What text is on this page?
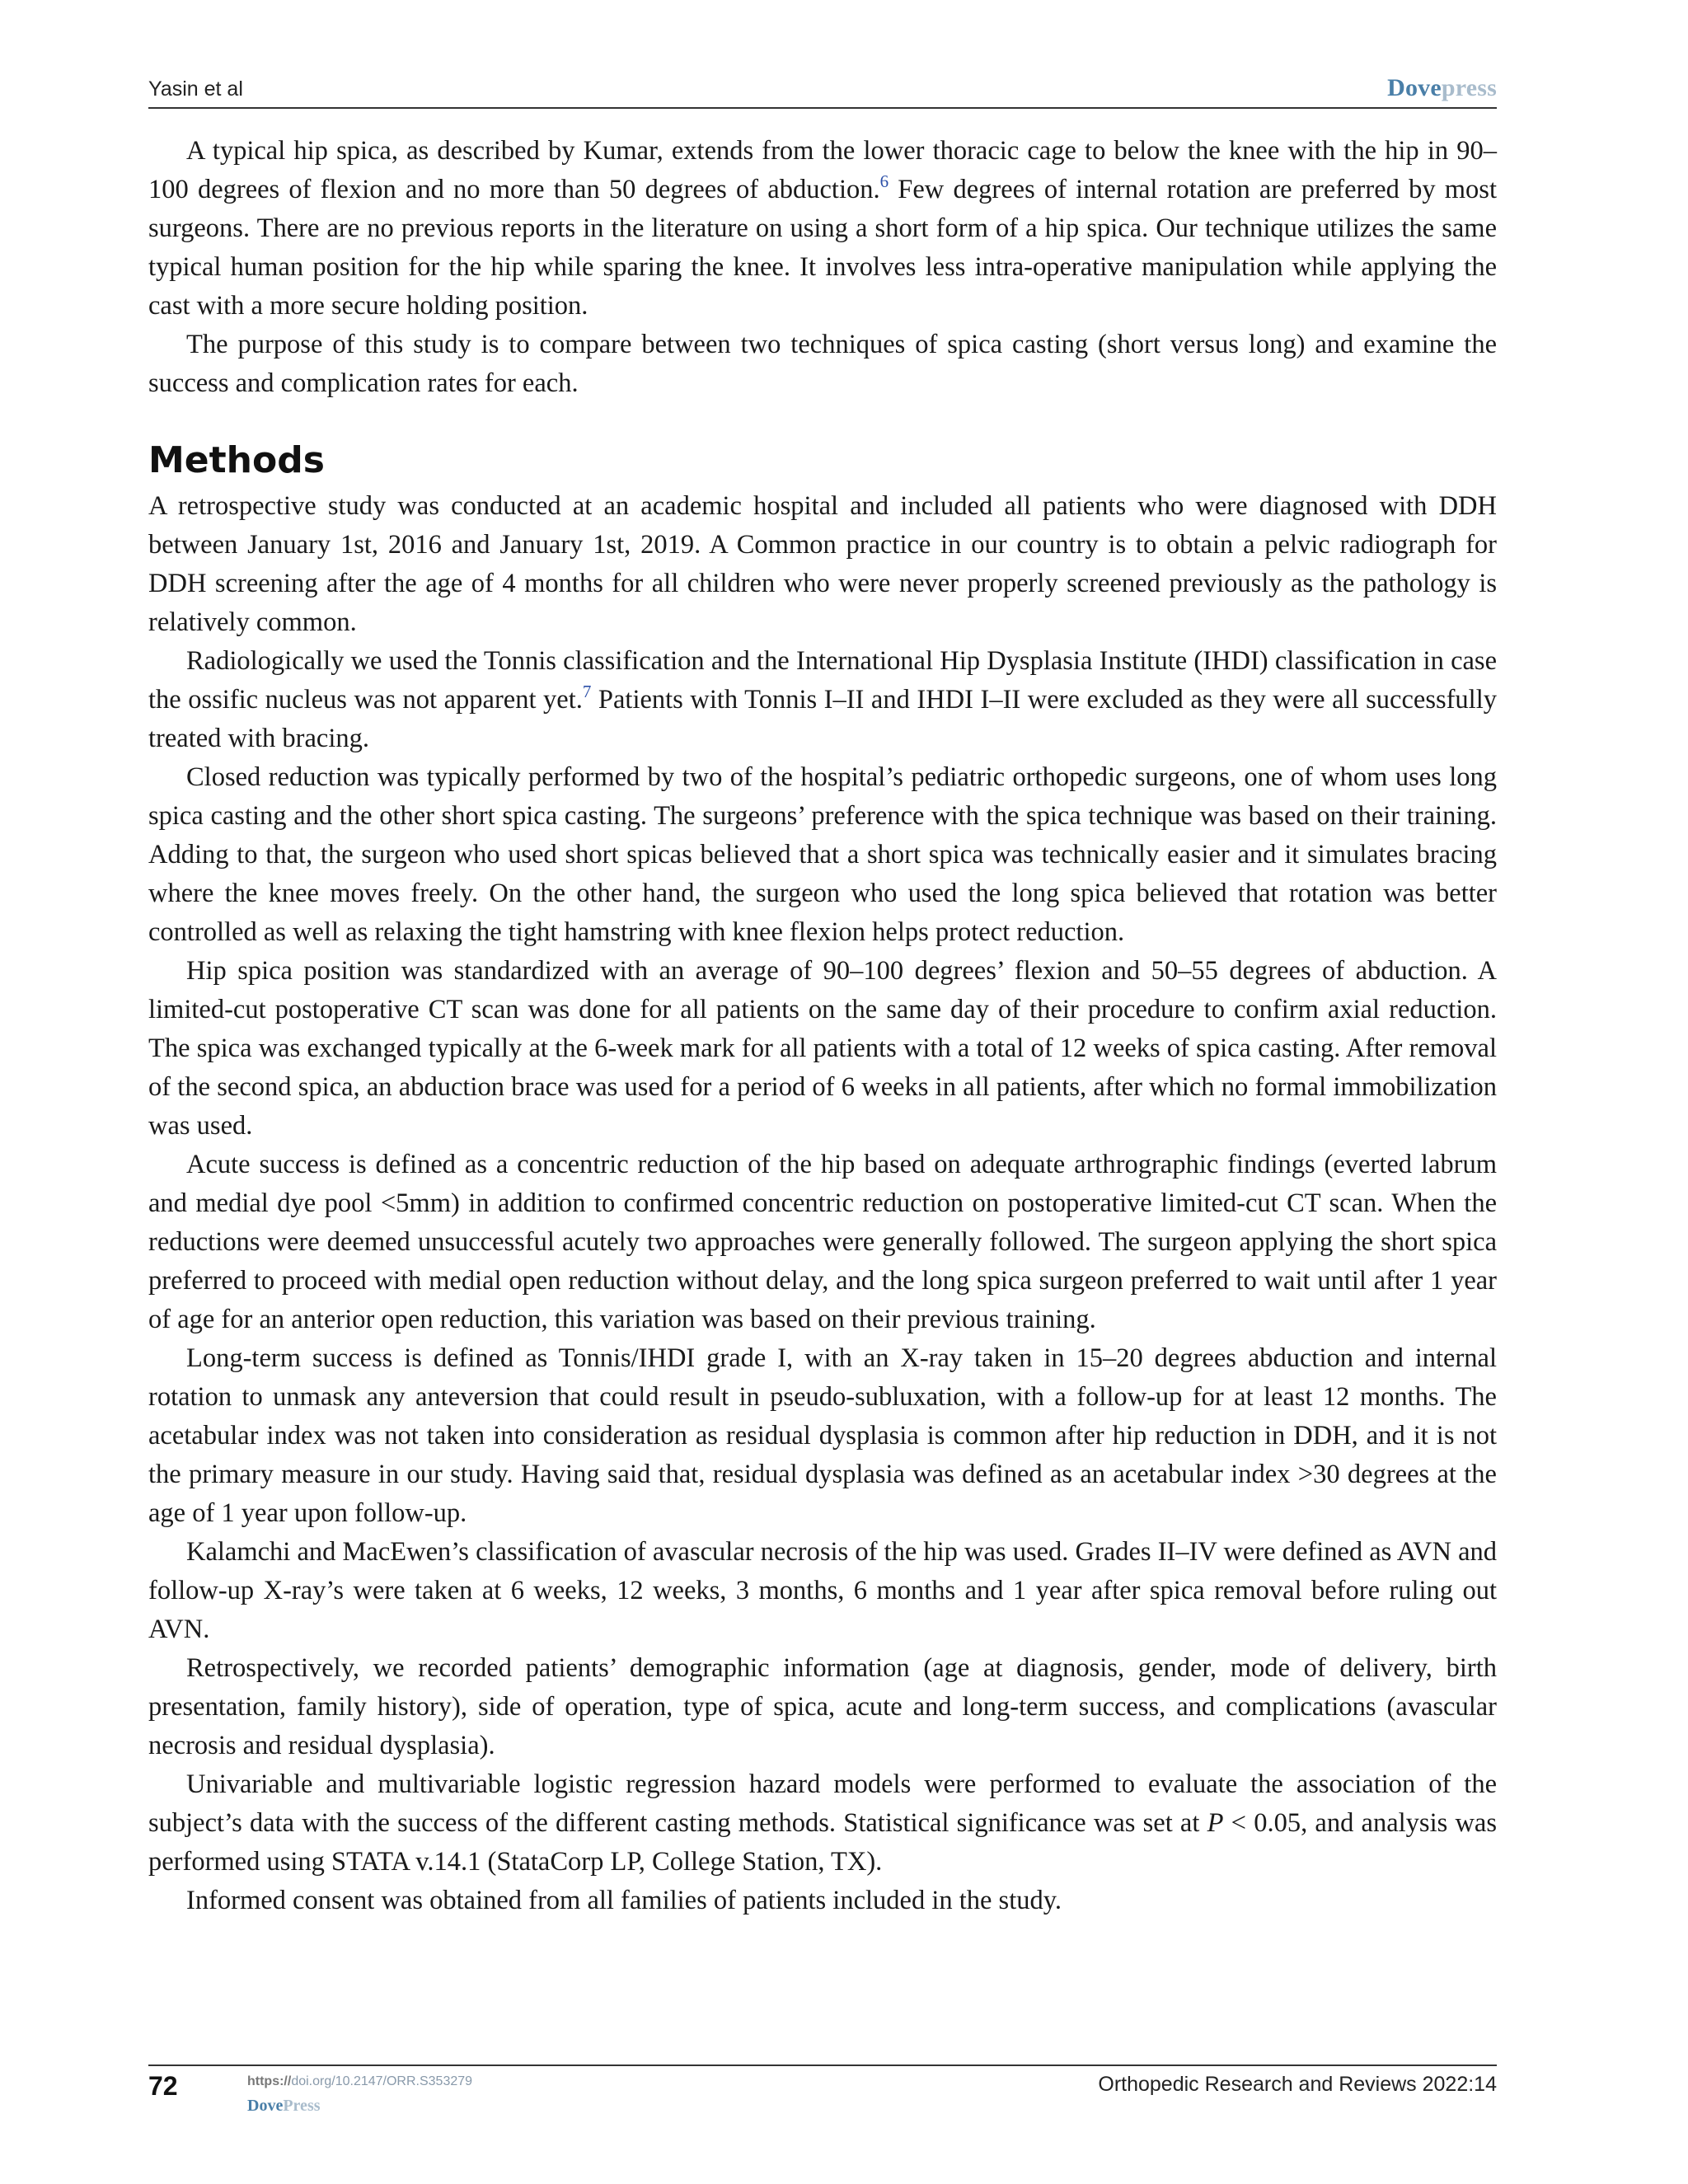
Yasin et al	Dovepress

A typical hip spica, as described by Kumar, extends from the lower thoracic cage to below the knee with the hip in 90–100 degrees of flexion and no more than 50 degrees of abduction.$^6$ Few degrees of internal rotation are preferred by most surgeons. There are no previous reports in the literature on using a short form of a hip spica. Our technique utilizes the same typical human position for the hip while sparing the knee. It involves less intra-operative manipulation while applying the cast with a more secure holding position.

The purpose of this study is to compare between two techniques of spica casting (short versus long) and examine the success and complication rates for each.

Methods

A retrospective study was conducted at an academic hospital and included all patients who were diagnosed with DDH between January 1st, 2016 and January 1st, 2019. A Common practice in our country is to obtain a pelvic radiograph for DDH screening after the age of 4 months for all children who were never properly screened previously as the pathology is relatively common.

Radiologically we used the Tonnis classification and the International Hip Dysplasia Institute (IHDI) classification in case the ossific nucleus was not apparent yet.$^7$ Patients with Tonnis I–II and IHDI I–II were excluded as they were all successfully treated with bracing.

Closed reduction was typically performed by two of the hospital’s pediatric orthopedic surgeons, one of whom uses long spica casting and the other short spica casting. The surgeons’ preference with the spica technique was based on their training. Adding to that, the surgeon who used short spicas believed that a short spica was technically easier and it simulates bracing where the knee moves freely. On the other hand, the surgeon who used the long spica believed that rotation was better controlled as well as relaxing the tight hamstring with knee flexion helps protect reduction.

Hip spica position was standardized with an average of 90–100 degrees’ flexion and 50–55 degrees of abduction. A limited-cut postoperative CT scan was done for all patients on the same day of their procedure to confirm axial reduction. The spica was exchanged typically at the 6-week mark for all patients with a total of 12 weeks of spica casting. After removal of the second spica, an abduction brace was used for a period of 6 weeks in all patients, after which no formal immobilization was used.

Acute success is defined as a concentric reduction of the hip based on adequate arthrographic findings (everted labrum and medial dye pool <5mm) in addition to confirmed concentric reduction on postoperative limited-cut CT scan. When the reductions were deemed unsuccessful acutely two approaches were generally followed. The surgeon applying the short spica preferred to proceed with medial open reduction without delay, and the long spica surgeon preferred to wait until after 1 year of age for an anterior open reduction, this variation was based on their previous training.

Long-term success is defined as Tonnis/IHDI grade I, with an X-ray taken in 15–20 degrees abduction and internal rotation to unmask any anteversion that could result in pseudo-subluxation, with a follow-up for at least 12 months. The acetabular index was not taken into consideration as residual dysplasia is common after hip reduction in DDH, and it is not the primary measure in our study. Having said that, residual dysplasia was defined as an acetabular index >30 degrees at the age of 1 year upon follow-up.

Kalamchi and MacEwen’s classification of avascular necrosis of the hip was used. Grades II–IV were defined as AVN and follow-up X-ray’s were taken at 6 weeks, 12 weeks, 3 months, 6 months and 1 year after spica removal before ruling out AVN.

Retrospectively, we recorded patients’ demographic information (age at diagnosis, gender, mode of delivery, birth presentation, family history), side of operation, type of spica, acute and long-term success, and complications (avascular necrosis and residual dysplasia).

Univariable and multivariable logistic regression hazard models were performed to evaluate the association of the subject’s data with the success of the different casting methods. Statistical significance was set at P < 0.05, and analysis was performed using STATA v.14.1 (StataCorp LP, College Station, TX).

Informed consent was obtained from all families of patients included in the study.

72	https://doi.org/10.2147/ORR.S353279
DovePress
Orthopedic Research and Reviews 2022:14
